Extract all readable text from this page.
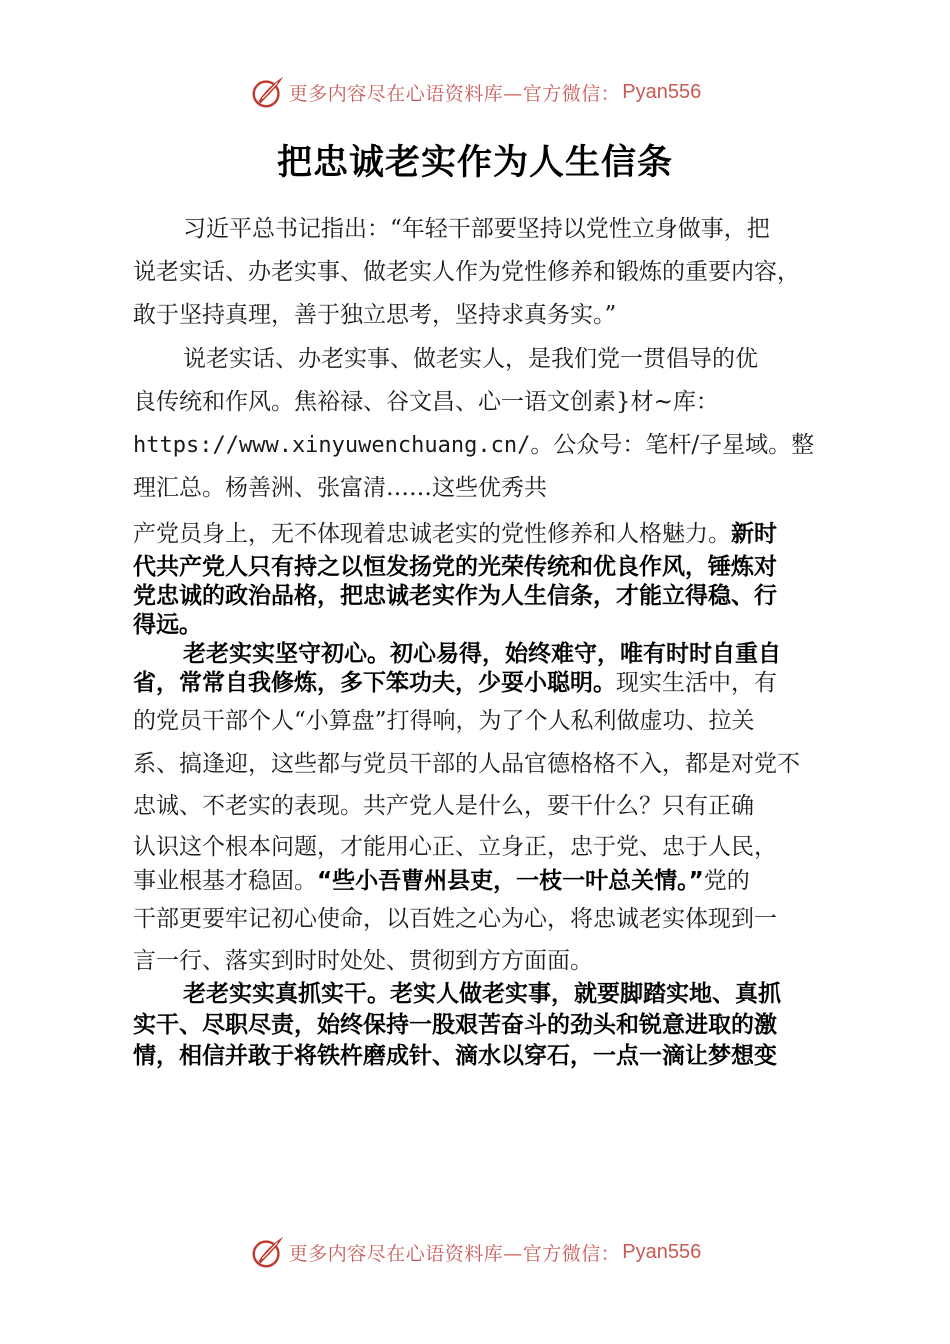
更多内容尽在心语资料库—官方微信： Pyan556
把忠诚老实作为人生信条
习近平总书记指出：“年轻干部要坚持以党性立身做事，把
说老实话、办老实事、做老实人作为党性修养和锻炼的重要内容，
敢于坚持真理，善于独立思考，坚持求真务实。”
说老实话、办老实事、做老实人，是我们党一贯倡导的优
良传统和作风。焦裕禄、谷文昌、心一语文创素}材~库：
https://www.xinyuwenchuang.cn/。公众号：笔杆/子星域。整
理汇总。杨善洲、张富清……这些优秀共
产党员身上，无不体现着忠诚老实的党性修养和人格魅力。新时
代共产党人只有持之以恒发扬党的光荣传统和优良作风，锤炼对
党忠诚的政治品格，把忠诚老实作为人生信条，才能立得稳、行
得远。
老老实实坚守初心。初心易得，始终难守，唯有时时自重自
省，常常自我修炼，多下笨功夫，少耍小聪明。现实生活中，有
的党员干部个人“小算盘”打得响，为了个人私利做虚功、拉关
系、搞逢迎，这些都与党员干部的人品官德格格不入，都是对党不
忠诚、不老实的表现。共产党人是什么，要干什么？只有正确
认识这个根本问题，才能用心正、立身正，忠于党、忠于人民，
事业根基才稳固。“些小吾曹州县吏，一枝一叶总关情。”党的
干部更要牢记初心使命，以百姓之心为心，将忠诚老实体现到一
言一行、落实到时时处处、贯彻到方方面面。
老老实实真抓实干。老实人做老实事，就要脚踏实地、真抓
实干、尽职尽责，始终保持一股艰苦奋斗的劲头和锐意进取的激
情，相信并敢于将铁杵磨成针、滴水以穿石，一点一滴让梦想变
更多内容尽在心语资料库—官方微信： Pyan556
